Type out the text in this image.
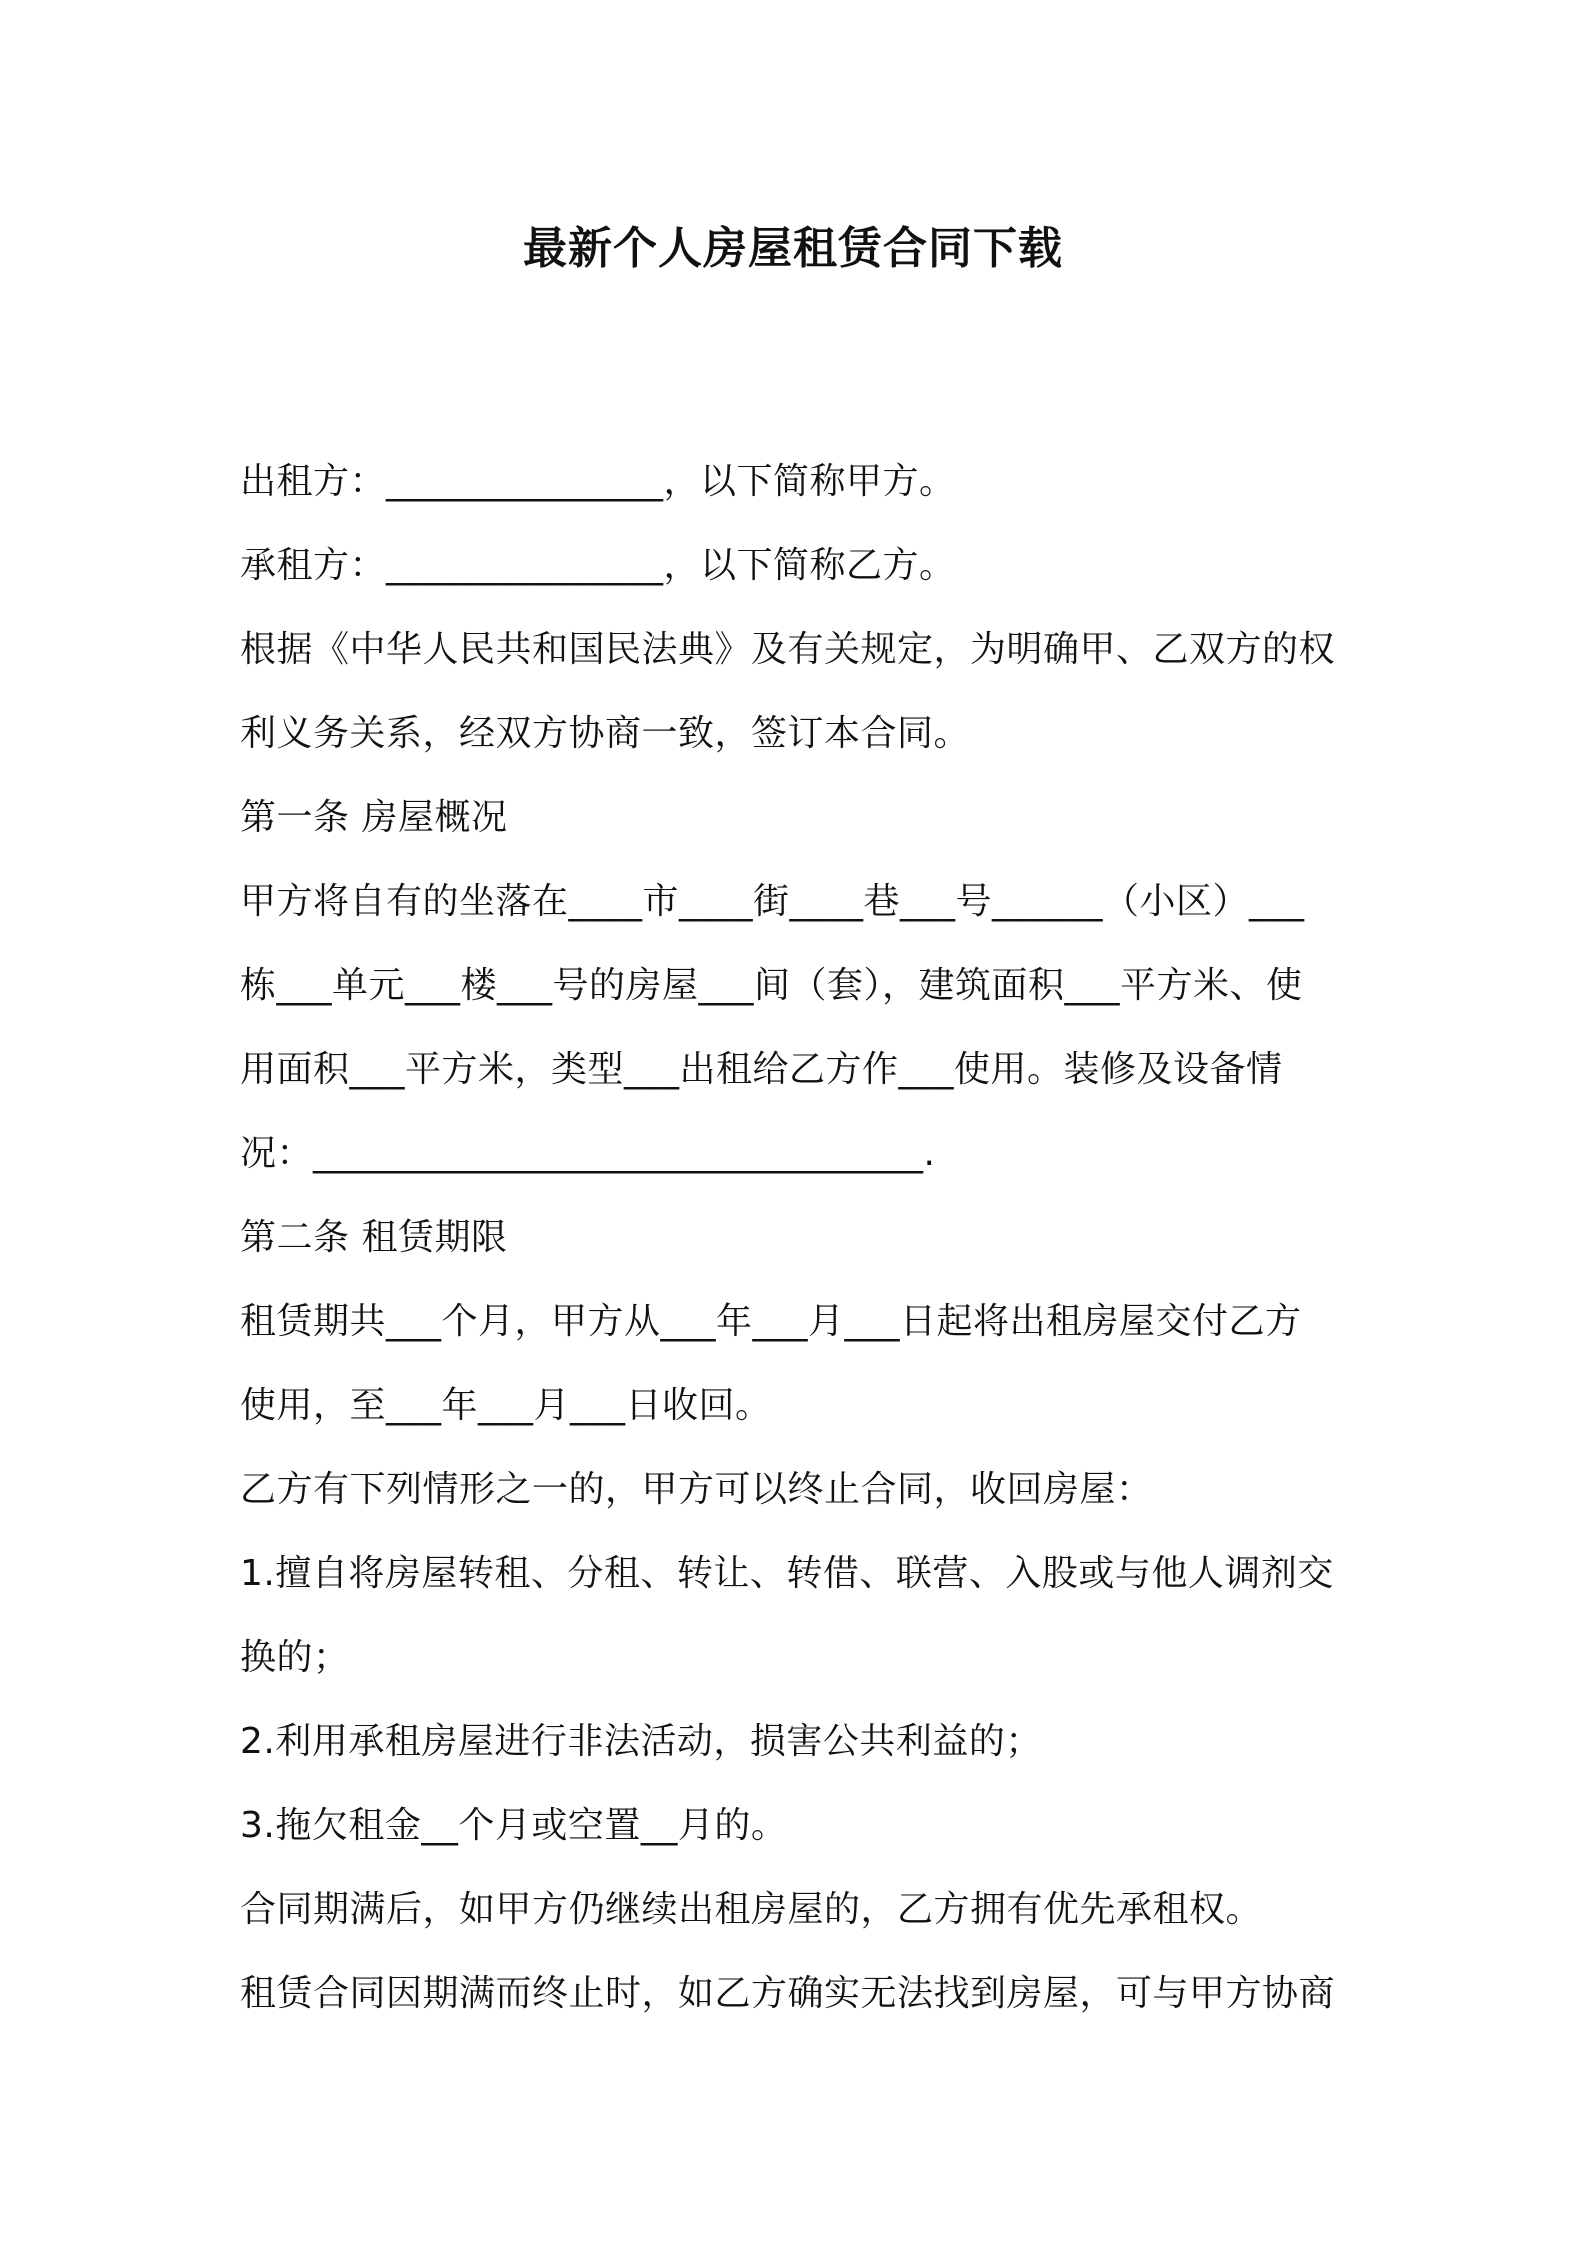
最新个人房屋租赁合同下载
出租方：_______________，以下简称甲方。
承租方：_______________，以下简称乙方。
根据《中华人民共和国民法典》及有关规定，为明确甲、乙双方的权
利义务关系，经双方协商一致，签订本合同。
第一条 房屋概况
甲方将自有的坐落在____市____街____巷___号______（小区）___
栋___单元___楼___号的房屋___间（套），建筑面积___平方米、使
用面积___平方米，类型___出租给乙方作___使用。装修及设备情
况：_________________________________.
第二条 租赁期限
租赁期共___个月，甲方从___年___月___日起将出租房屋交付乙方
使用，至___年___月___日收回。
乙方有下列情形之一的，甲方可以终止合同，收回房屋：
1.擅自将房屋转租、分租、转让、转借、联营、入股或与他人调剂交
换的；
2.利用承租房屋进行非法活动，损害公共利益的；
3.拖欠租金__个月或空置__月的。
合同期满后，如甲方仍继续出租房屋的，乙方拥有优先承租权。
租赁合同因期满而终止时，如乙方确实无法找到房屋，可与甲方协商
